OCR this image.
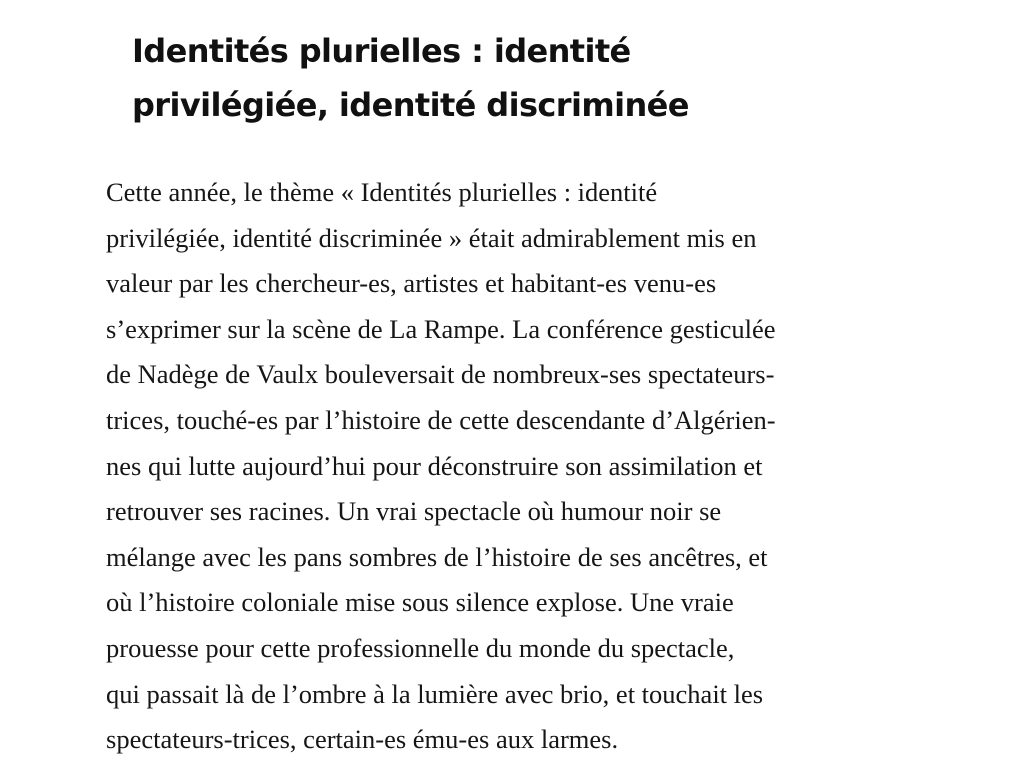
Identités plurielles : identité
privilégiée, identité discriminée

Cette année, le thème « Identités plurielles : identité
privilégiée, identité discriminée » était admirablement mis en
valeur par les chercheur-es, artistes et habitant-es venu-es
s’exprimer sur la scène de La Rampe. La conférence gesticulée
de Nadège de Vaulx bouleversait de nombreux-ses spectateurs-
trices, touché-es par l’histoire de cette descendante d’Algérien-
nes qui lutte aujourd’hui pour déconstruire son assimilation et
retrouver ses racines. Un vrai spectacle où humour noir se
mélange avec les pans sombres de l’histoire de ses ancêtres, et
où l’histoire coloniale mise sous silence explose. Une vraie
prouesse pour cette professionnelle du monde du spectacle,
qui passait là de l’ombre à la lumière avec brio, et touchait les
spectateurs-trices, certain-es ému-es aux larmes.
